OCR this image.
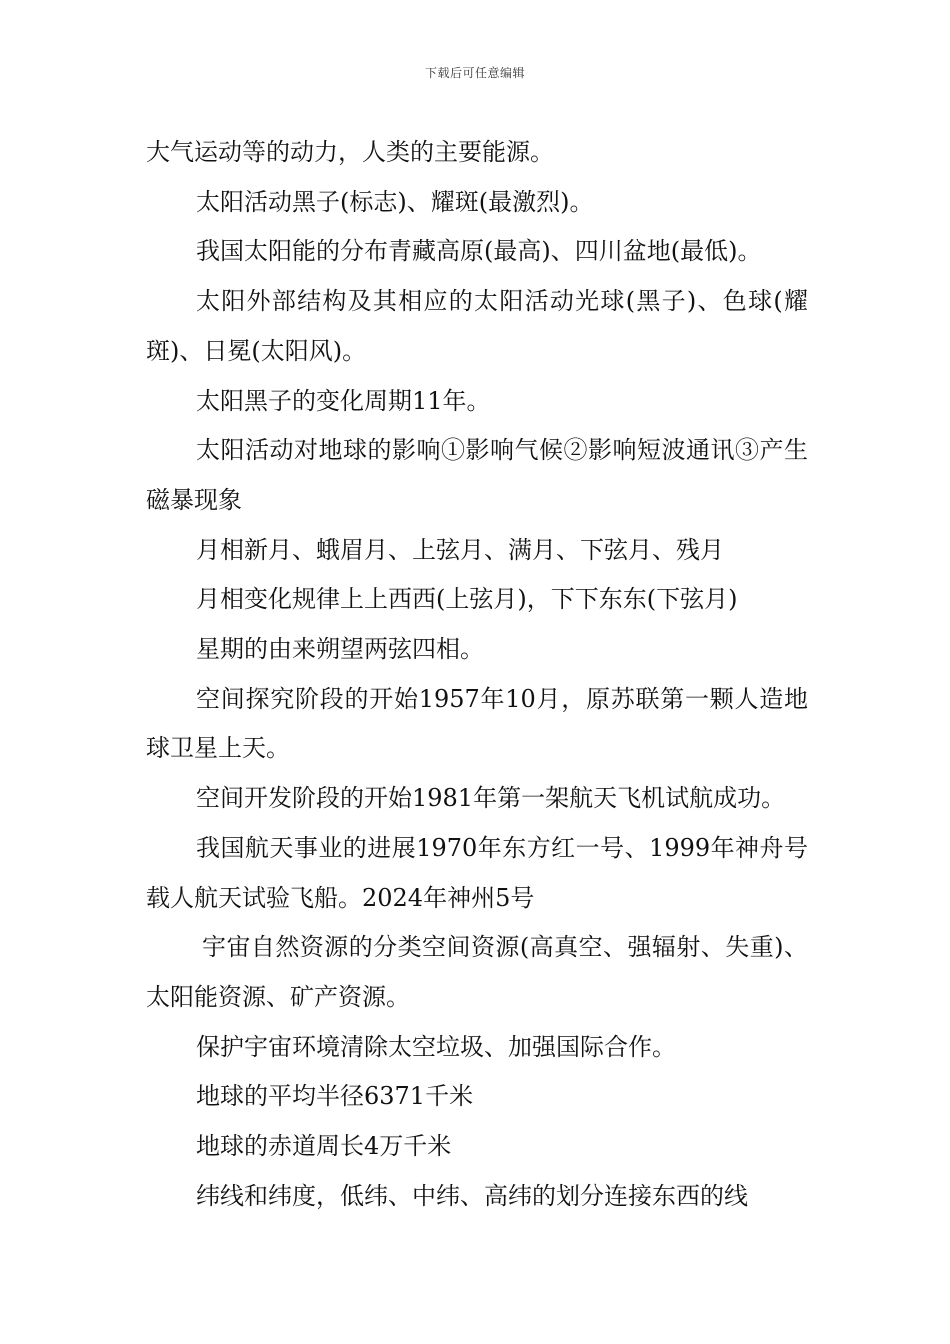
下载后可任意编辑

大气运动等的动力，人类的主要能源。

太阳活动黑子(标志)、耀斑(最激烈)。

我国太阳能的分布青藏高原(最高)、四川盆地(最低)。

太阳外部结构及其相应的太阳活动光球(黑子)、色球(耀斑)、日冕(太阳风)。

太阳黑子的变化周期11年。

太阳活动对地球的影响①影响气候②影响短波通讯③产生磁暴现象

月相新月、蛾眉月、上弦月、满月、下弦月、残月

月相变化规律上上西西(上弦月)，下下东东(下弦月)

星期的由来朔望两弦四相。

空间探究阶段的开始1957年10月，原苏联第一颗人造地球卫星上天。

空间开发阶段的开始1981年第一架航天飞机试航成功。

我国航天事业的进展1970年东方红一号、1999年神舟号载人航天试验飞船。2024年神州5号

宇宙自然资源的分类空间资源(高真空、强辐射、失重)、太阳能资源、矿产资源。

保护宇宙环境清除太空垃圾、加强国际合作。

地球的平均半径6371千米

地球的赤道周长4万千米

纬线和纬度，低纬、中纬、高纬的划分连接东西的线
